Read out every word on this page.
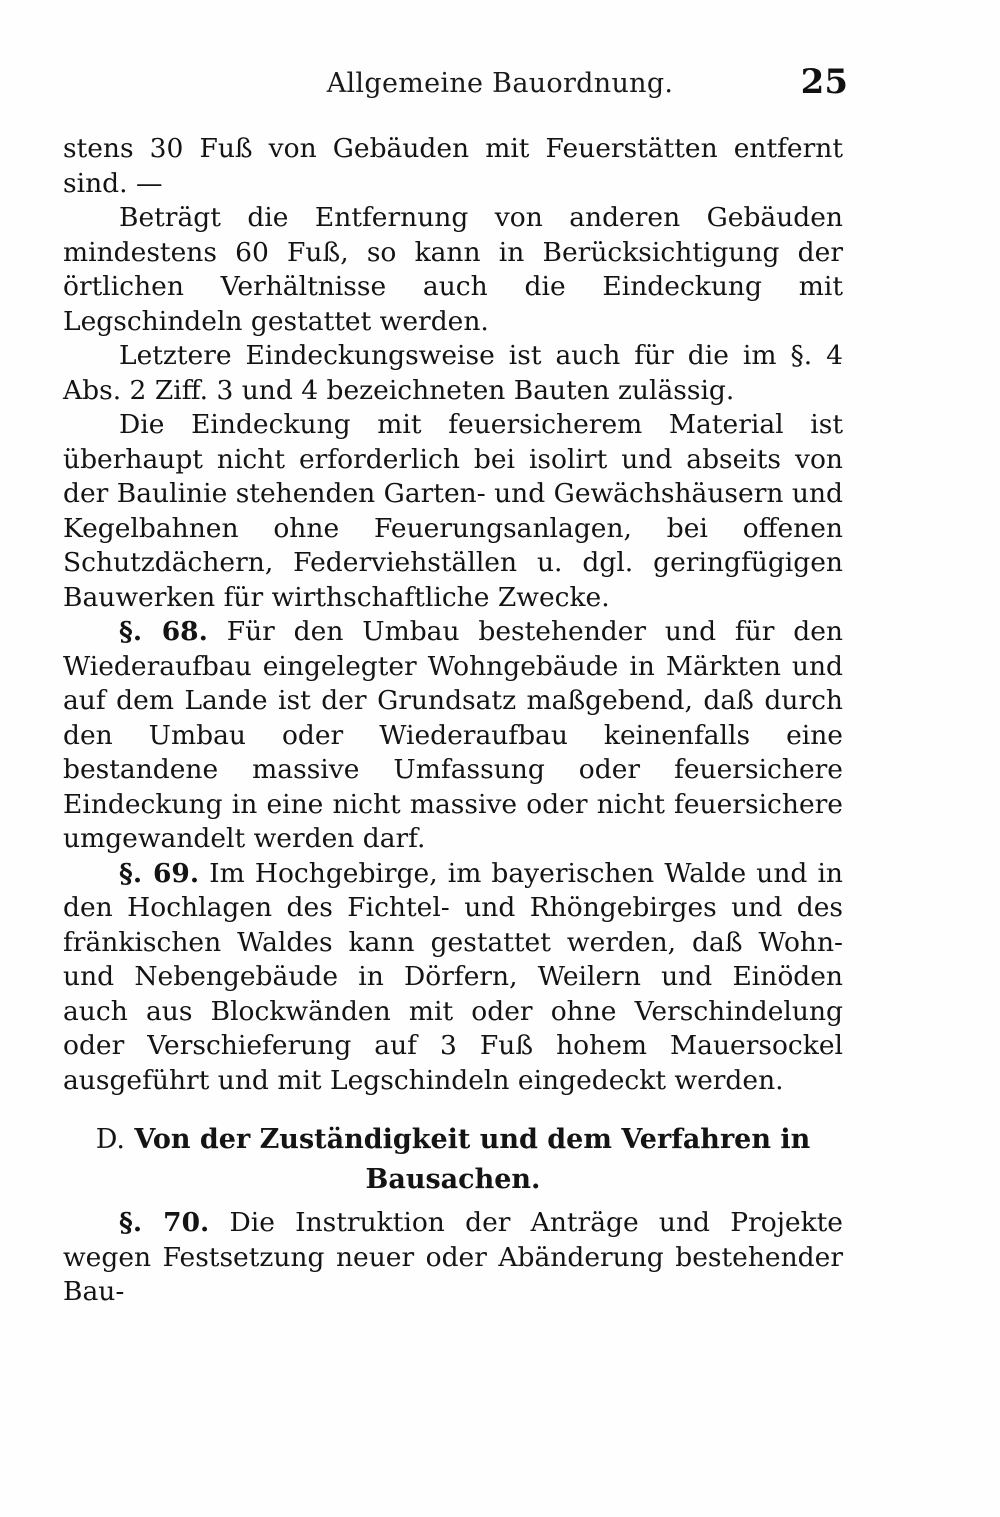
Allgemeine Bauordnung.	25

stens 30 Fuß von Gebäuden mit Feuerstätten entfernt sind. —

Beträgt die Entfernung von anderen Gebäuden mindestens 60 Fuß, so kann in Berücksichtigung der örtlichen Verhältnisse auch die Eindeckung mit Legschindeln gestattet werden.

Letztere Eindeckungsweise ist auch für die im §. 4 Abs. 2 Ziff. 3 und 4 bezeichneten Bauten zulässig.

Die Eindeckung mit feuersicherem Material ist überhaupt nicht erforderlich bei isolirt und abseits von der Baulinie stehenden Garten- und Gewächshäusern und Kegelbahnen ohne Feuerungsanlagen, bei offenen Schutzdächern, Federviehställen u. dgl. geringfügigen Bauwerken für wirthschaftliche Zwecke.

§. 68. Für den Umbau bestehender und für den Wiederaufbau eingelegter Wohngebäude in Märkten und auf dem Lande ist der Grundsatz maßgebend, daß durch den Umbau oder Wiederaufbau keinenfalls eine bestandene massive Umfassung oder feuersichere Eindeckung in eine nicht massive oder nicht feuersichere umgewandelt werden darf.

§. 69. Im Hochgebirge, im bayerischen Walde und in den Hochlagen des Fichtel- und Rhöngebirges und des fränkischen Waldes kann gestattet werden, daß Wohn- und Nebengebäude in Dörfern, Weilern und Einöden auch aus Blockwänden mit oder ohne Verschindelung oder Verschieferung auf 3 Fuß hohem Mauersockel ausgeführt und mit Legschindeln eingedeckt werden.

D. Von der Zuständigkeit und dem Verfahren in Bausachen.

§. 70. Die Instruktion der Anträge und Projekte wegen Festsetzung neuer oder Abänderung bestehender Bau-
